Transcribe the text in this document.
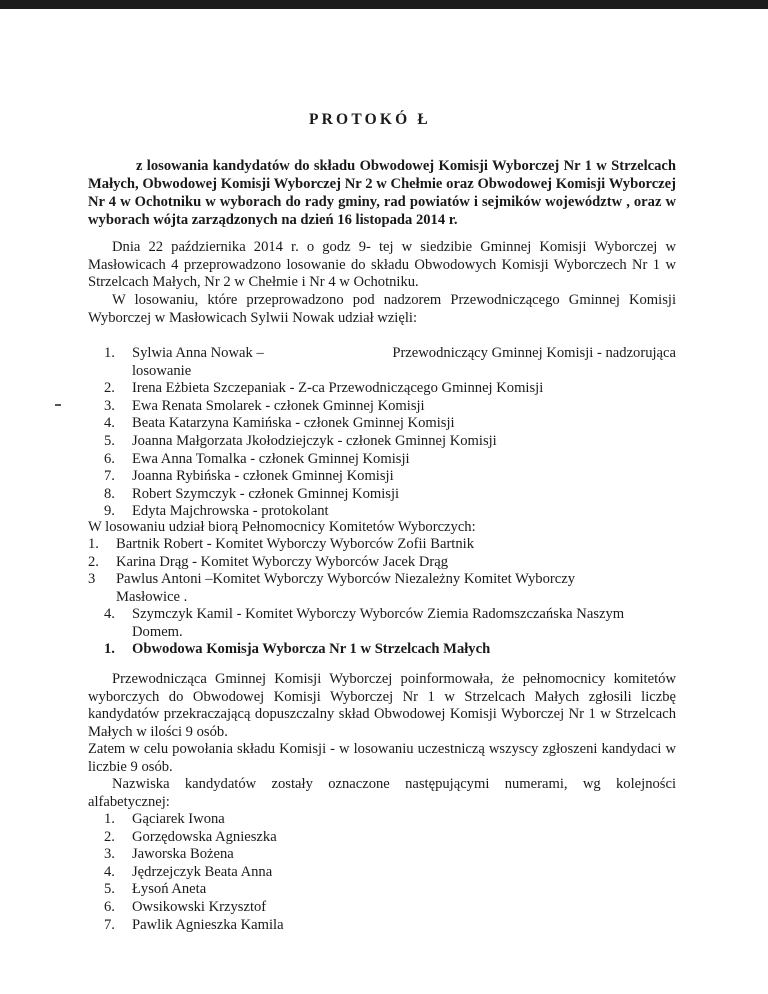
PROTOKÓ Ł
z losowania kandydatów do składu Obwodowej Komisji Wyborczej Nr 1 w Strzelcach Małych, Obwodowej Komisji Wyborczej Nr 2 w Chełmie oraz Obwodowej Komisji Wyborczej Nr 4 w Ochotniku w wyborach do rady gminy, rad powiatów i sejmików województw , oraz w wyborach wójta zarządzonych na dzień 16 listopada 2014 r.
Dnia 22 października 2014 r. o godz 9- tej w siedzibie Gminnej Komisji Wyborczej w Masłowicach 4 przeprowadzono losowanie do składu Obwodowych Komisji Wyborczech Nr 1 w Strzelcach Małych, Nr 2 w Chełmie i Nr 4 w Ochotniku.
W losowaniu, które przeprowadzono pod nadzorem Przewodniczącego Gminnej Komisji Wyborczej w Masłowicach Sylwii Nowak udział wzięli:
1. Sylwia Anna Nowak –	Przewodniczący Gminnej Komisji - nadzorująca
losowanie
2. Irena Eżbieta Szczepaniak - Z-ca Przewodniczącego Gminnej Komisji
3. Ewa Renata Smolarek - członek Gminnej Komisji
4. Beata Katarzyna Kamińska - członek Gminnej Komisji
5. Joanna Małgorzata Jkołodziejczyk - członek Gminnej Komisji
6. Ewa Anna Tomalka - członek Gminnej Komisji
7. Joanna Rybińska - członek Gminnej Komisji
8. Robert Szymczyk - członek Gminnej Komisji
9. Edyta Majchrowska - protokolant
W losowaniu udział biorą Pełnomocnicy Komitetów Wyborczych:
1. Bartnik Robert - Komitet Wyborczy Wyborców Zofii Bartnik
2. Karina Drąg - Komitet Wyborczy Wyborców Jacek Drąg
3 Pawlus Antoni –Komitet Wyborczy Wyborców Niezależny Komitet Wyborczy Masłowice .
4. Szymczyk Kamil - Komitet Wyborczy Wyborców Ziemia Radomszczańska Naszym Domem.
1. Obwodowa Komisja Wyborcza Nr 1 w Strzelcach Małych
Przewodnicząca Gminnej Komisji Wyborczej poinformowała, że pełnomocnicy komitetów wyborczych do Obwodowej Komisji Wyborczej Nr 1 w Strzelcach Małych zgłosili liczbę kandydatów przekraczającą dopuszczalny skład Obwodowej Komisji Wyborczej Nr 1 w Strzelcach Małych w ilości 9 osób.
Zatem w celu powołania składu Komisji - w losowaniu uczestniczą wszyscy zgłoszeni kandydaci w liczbie 9 osób.
Nazwiska kandydatów zostały oznaczone następującymi numerami, wg kolejności alfabetycznej:
1. Gąciarek Iwona
2. Gorzędowska Agnieszka
3. Jaworska Bożena
4. Jędrzejczyk Beata Anna
5. Łysoń Aneta
6. Owsikowski Krzysztof
7. Pawlik Agnieszka Kamila
